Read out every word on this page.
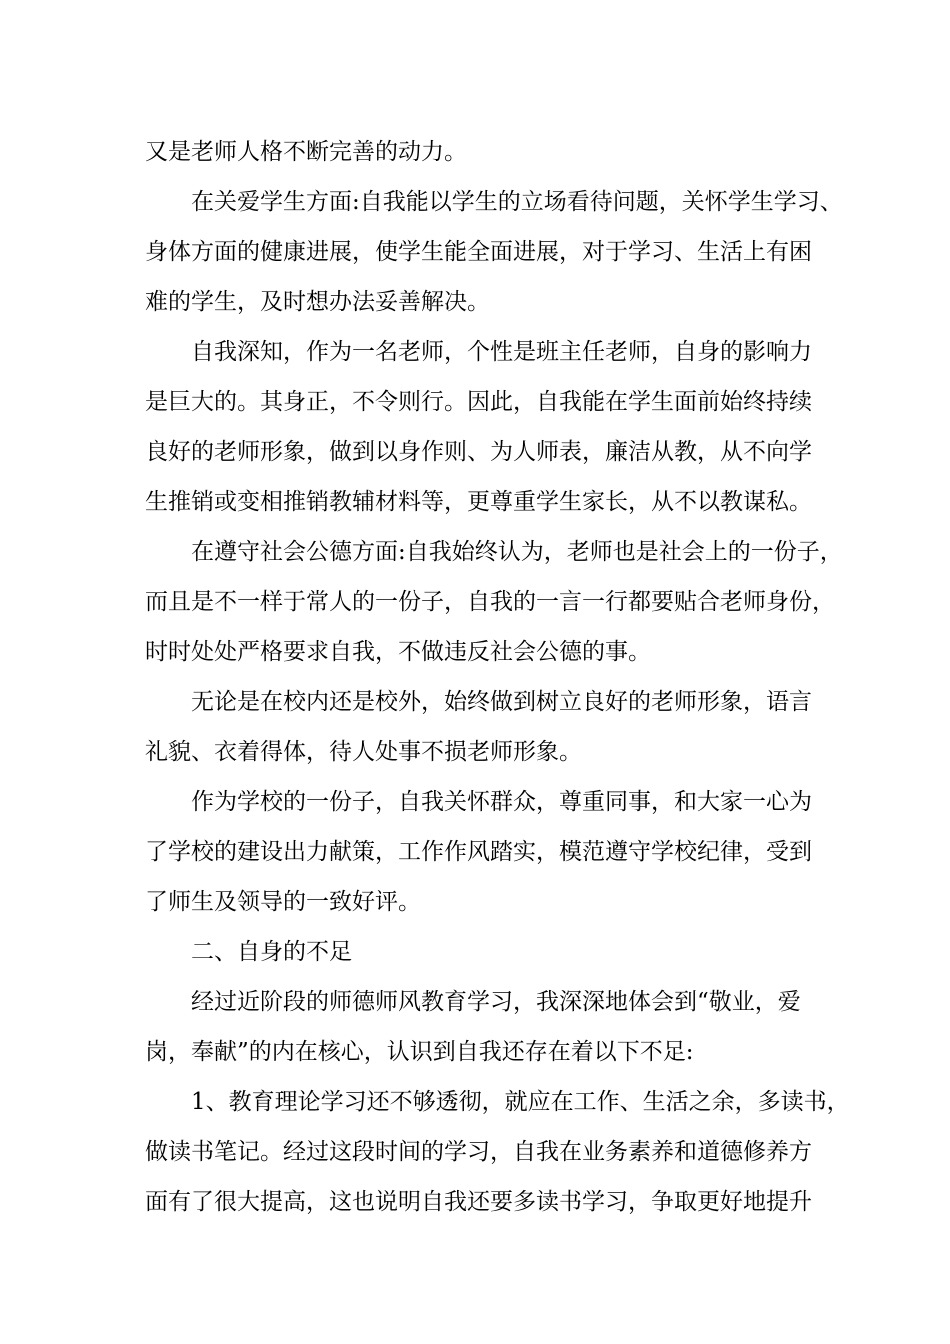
又是老师人格不断完善的动力。
在关爱学生方面:自我能以学生的立场看待问题，关怀学生学习、
身体方面的健康进展，使学生能全面进展，对于学习、生活上有困
难的学生，及时想办法妥善解决。
自我深知，作为一名老师，个性是班主任老师，自身的影响力
是巨大的。其身正，不令则行。因此，自我能在学生面前始终持续
良好的老师形象，做到以身作则、为人师表，廉洁从教，从不向学
生推销或变相推销教辅材料等，更尊重学生家长，从不以教谋私。
在遵守社会公德方面:自我始终认为，老师也是社会上的一份子，
而且是不一样于常人的一份子，自我的一言一行都要贴合老师身份，
时时处处严格要求自我，不做违反社会公德的事。
无论是在校内还是校外，始终做到树立良好的老师形象，语言
礼貌、衣着得体，待人处事不损老师形象。
作为学校的一份子，自我关怀群众，尊重同事，和大家一心为
了学校的建设出力献策，工作作风踏实，模范遵守学校纪律，受到
了师生及领导的一致好评。
二、自身的不足
经过近阶段的师德师风教育学习，我深深地体会到“敬业，爱
岗，奉献”的内在核心，认识到自我还存在着以下不足:
1、教育理论学习还不够透彻，就应在工作、生活之余，多读书，
做读书笔记。经过这段时间的学习，自我在业务素养和道德修养方
面有了很大提高，这也说明自我还要多读书学习，争取更好地提升
